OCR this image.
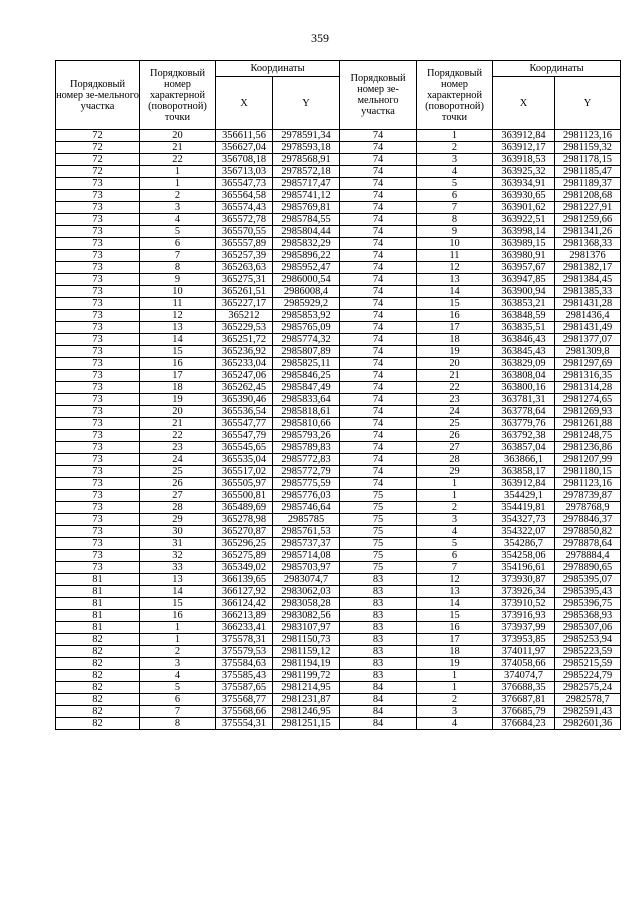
359
Порядковый номер зе-мельного участка	Порядковый номер характерной (поворотной) точки	Координаты		Порядковый номер зе-мельного участка	Порядковый номер характерной (поворотной) точки	Координаты	
		X	Y			X	Y
72	20	356611,56	2978591,34	74	1	363912,84	2981123,16
72	21	356627,04	2978593,18	74	2	363912,17	2981159,32
72	22	356708,18	2978568,91	74	3	363918,53	2981178,15
72	1	356713,03	2978572,18	74	4	363925,32	2981185,47
73	1	365547,73	2985717,47	74	5	363934,91	2981189,37
73	2	365564,58	2985741,12	74	6	363930,65	2981208,68
73	3	365574,43	2985769,81	74	7	363901,62	2981227,91
73	4	365572,78	2985784,55	74	8	363922,51	2981259,66
73	5	365570,55	2985804,44	74	9	363998,14	2981341,26
73	6	365557,89	2985832,29	74	10	363989,15	2981368,33
73	7	365257,39	2985896,22	74	11	363980,91	2981376
73	8	365263,63	2985952,47	74	12	363957,67	2981382,17
73	9	365275,31	2986000,54	74	13	363947,85	2981384,45
73	10	365261,51	2986008,4	74	14	363900,94	2981385,33
73	11	365227,17	2985929,2	74	15	363853,21	2981431,28
73	12	365212	2985853,92	74	16	363848,59	2981436,4
73	13	365229,53	2985765,09	74	17	363835,51	2981431,49
73	14	365251,72	2985774,32	74	18	363846,43	2981377,07
73	15	365236,92	2985807,89	74	19	363845,43	2981309,8
73	16	365233,04	2985825,11	74	20	363829,09	2981297,69
73	17	365247,06	2985846,25	74	21	363808,04	2981316,35
73	18	365262,45	2985847,49	74	22	363800,16	2981314,28
73	19	365390,46	2985833,64	74	23	363781,31	2981274,65
73	20	365536,54	2985818,61	74	24	363778,64	2981269,93
73	21	365547,77	2985810,66	74	25	363779,76	2981261,88
73	22	365547,79	2985793,26	74	26	363792,38	2981248,75
73	23	365545,65	2985789,83	74	27	363857,04	2981236,86
73	24	365535,04	2985772,83	74	28	363866,1	2981207,99
73	25	365517,02	2985772,79	74	29	363858,17	2981180,15
73	26	365505,97	2985775,59	74	1	363912,84	2981123,16
73	27	365500,81	2985776,03	75	1	354429,1	2978739,87
73	28	365489,69	2985746,64	75	2	354419,81	2978768,9
73	29	365278,98	2985785	75	3	354327,73	2978846,37
73	30	365270,87	2985761,53	75	4	354322,07	2978850,82
73	31	365296,25	2985737,37	75	5	354286,7	2978878,64
73	32	365275,89	2985714,08	75	6	354258,06	2978884,4
73	33	365349,02	2985703,97	75	7	354196,61	2978890,65
81	13	366139,65	2983074,7	83	12	373930,87	2985395,07
81	14	366127,92	2983062,03	83	13	373926,34	2985395,43
81	15	366124,42	2983058,28	83	14	373910,52	2985396,75
81	16	366213,89	2983082,56	83	15	373916,93	2985368,93
81	1	366233,41	2983107,97	83	16	373937,99	2985307,06
82	1	375578,31	2981150,73	83	17	373953,85	2985253,94
82	2	375579,53	2981159,12	83	18	374011,97	2985223,59
82	3	375584,63	2981194,19	83	19	374058,66	2985215,59
82	4	375585,43	2981199,72	83	1	374074,7	2985224,79
82	5	375587,65	2981214,95	84	1	376688,35	2982575,24
82	6	375568,77	2981231,87	84	2	376687,81	2982578,7
82	7	375568,66	2981246,95	84	3	376685,79	2982591,43
82	8	375554,31	2981251,15	84	4	376684,23	2982601,36
